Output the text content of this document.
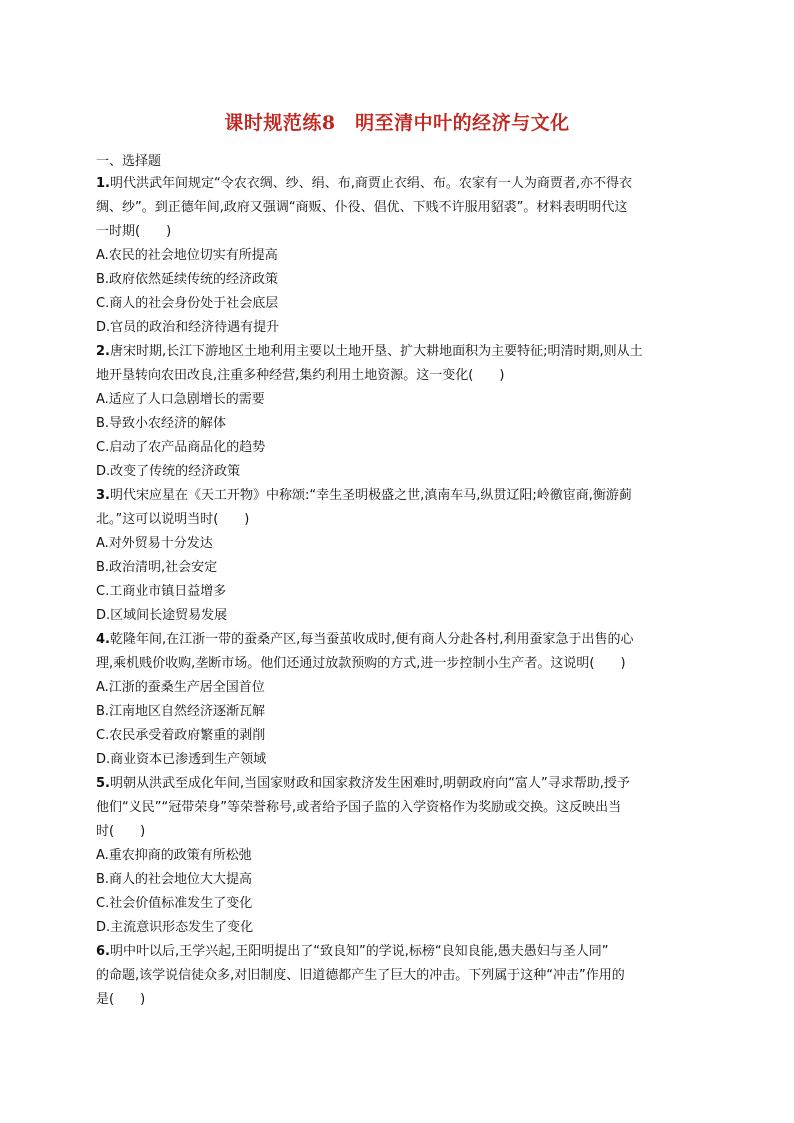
课时规范练8　明至清中叶的经济与文化
一、选择题

1.明代洪武年间规定“令农衣绸、纱、绢、布,商贾止衣绢、布。农家有一人为商贾者,亦不得衣

绸、纱”。到正德年间,政府又强调“商贩、仆役、倡优、下贱不许服用貂裘”。材料表明明代这

一时期(　　)

A.农民的社会地位切实有所提高

B.政府依然延续传统的经济政策

C.商人的社会身份处于社会底层

D.官员的政治和经济待遇有提升

2.唐宋时期,长江下游地区土地利用主要以土地开垦、扩大耕地面积为主要特征;明清时期,则从土

地开垦转向农田改良,注重多种经营,集约利用土地资源。这一变化(　　)

A.适应了人口急剧增长的需要

B.导致小农经济的解体

C.启动了农产品商品化的趋势

D.改变了传统的经济政策

3.明代宋应星在《天工开物》中称颂:“幸生圣明极盛之世,滇南车马,纵贯辽阳;岭徼宦商,衡游蓟

北。”这可以说明当时(　　)

A.对外贸易十分发达

B.政治清明,社会安定

C.工商业市镇日益增多

D.区域间长途贸易发展

4.乾隆年间,在江浙一带的蚕桑产区,每当蚕茧收成时,便有商人分赴各村,利用蚕家急于出售的心

理,乘机贱价收购,垄断市场。他们还通过放款预购的方式,进一步控制小生产者。这说明(　　)

A.江浙的蚕桑生产居全国首位

B.江南地区自然经济逐渐瓦解

C.农民承受着政府繁重的剥削

D.商业资本已渗透到生产领域

5.明朝从洪武至成化年间,当国家财政和国家救济发生困难时,明朝政府向“富人”寻求帮助,授予

他们“义民”“冠带荣身”等荣誉称号,或者给予国子监的入学资格作为奖励或交换。这反映出当

时(　　)

A.重农抑商的政策有所松弛

B.商人的社会地位大大提高

C.社会价值标准发生了变化

D.主流意识形态发生了变化

6.明中叶以后,王学兴起,王阳明提出了“致良知”的学说,标榜“良知良能,愚夫愚妇与圣人同”

的命题,该学说信徒众多,对旧制度、旧道德都产生了巨大的冲击。下列属于这种“冲击”作用的

是(　　)
